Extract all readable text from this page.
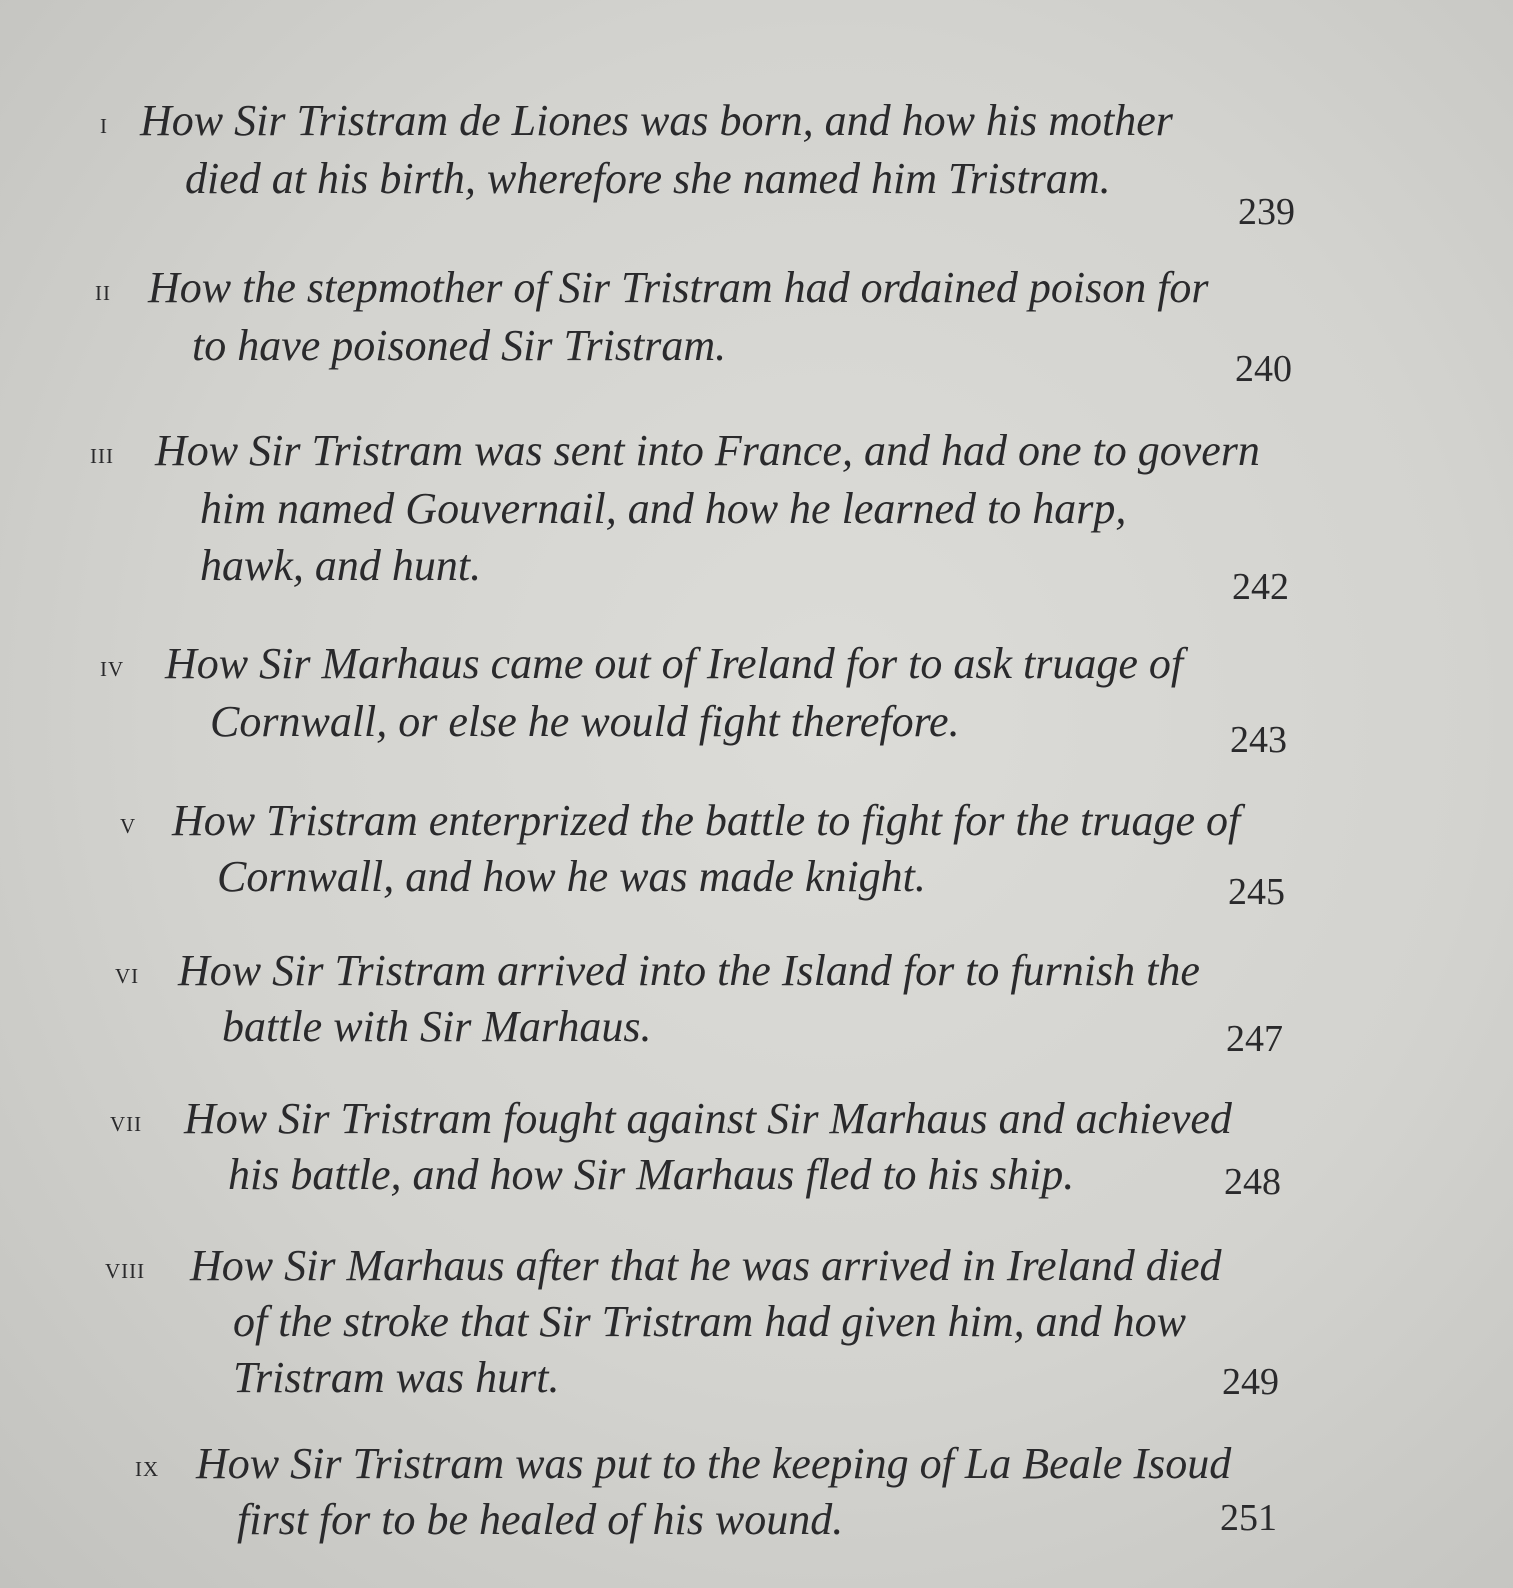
i How Sir Tristram de Liones was born, and how his mother
died at his birth, wherefore she named him Tristram.
239
ii How the stepmother of Sir Tristram had ordained poison for
to have poisoned Sir Tristram.	240
iii How Sir Tristram was sent into France, and had one to govern
him named Gouvernail, and how he learned to harp,
hawk, and hunt.	242
iv How Sir Marhaus came out of Ireland for to ask truage of
Cornwall, or else he would fight therefore.	243
v How Tristram enterprized the battle to fight for the truage of
Cornwall, and how he was made knight.	245
vi How Sir Tristram arrived into the Island for to furnish the
battle with Sir Marhaus.	247
vii How Sir Tristram fought against Sir Marhaus and achieved
his battle, and how Sir Marhaus fled to his ship.	248
viii How Sir Marhaus after that he was arrived in Ireland died
of the stroke that Sir Tristram had given him, and how
Tristram was hurt.	249
ix How Sir Tristram was put to the keeping of La Beale Isoud
first for to be healed of his wound.	251
